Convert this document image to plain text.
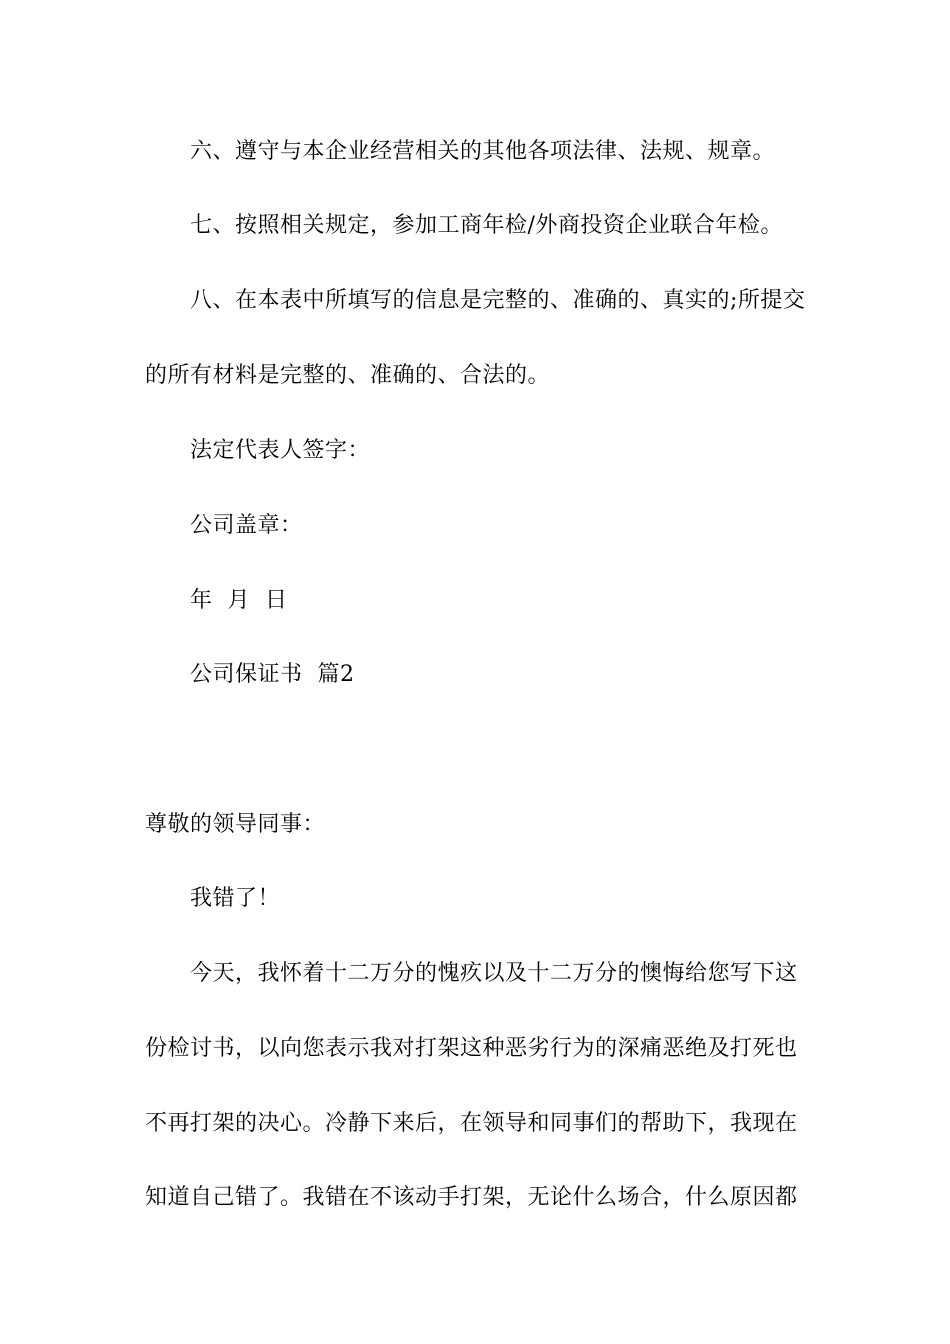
六、遵守与本企业经营相关的其他各项法律、法规、规章。
七、按照相关规定，参加工商年检/外商投资企业联合年检。
八、在本表中所填写的信息是完整的、准确的、真实的;所提交
的所有材料是完整的、准确的、合法的。
法定代表人签字：
公司盖章：
年  月  日
公司保证书  篇2
尊敬的领导同事：
我错了！
今天，我怀着十二万分的愧疚以及十二万分的懊悔给您写下这
份检讨书，以向您表示我对打架这种恶劣行为的深痛恶绝及打死也
不再打架的决心。冷静下来后，在领导和同事们的帮助下，我现在
知道自己错了。我错在不该动手打架，无论什么场合，什么原因都
